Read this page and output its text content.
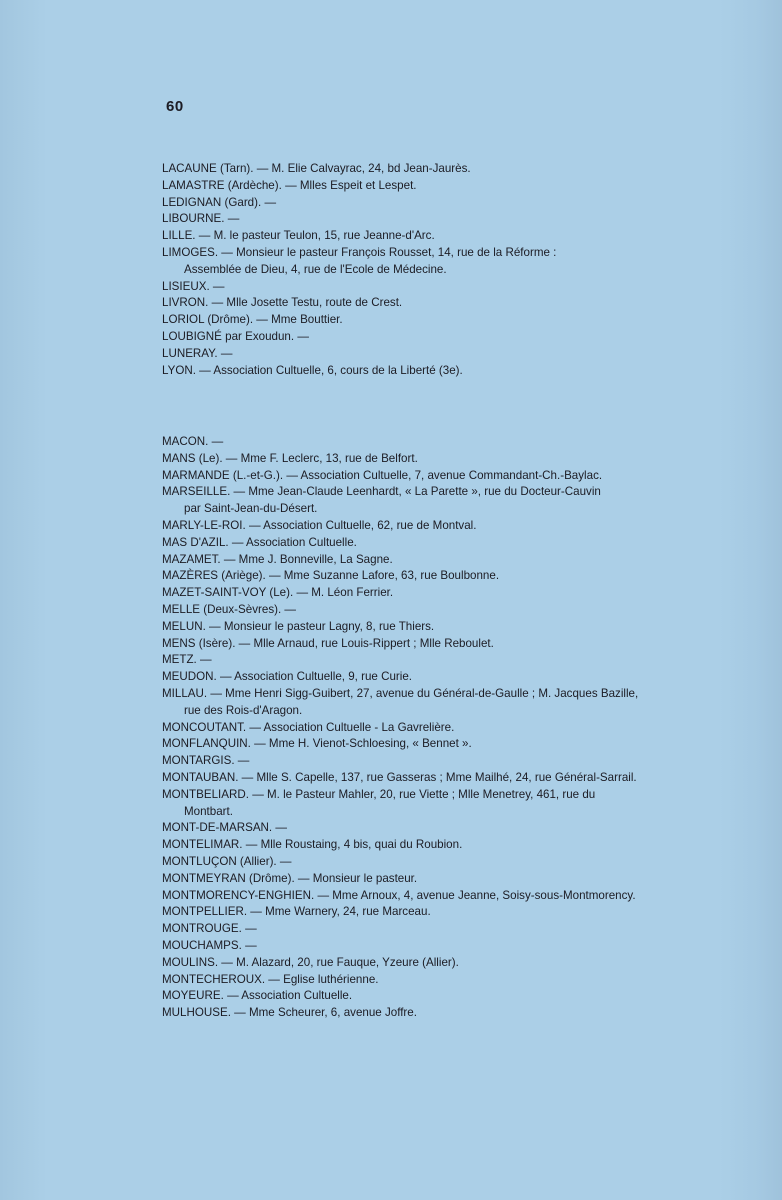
60
LACAUNE (Tarn). — M. Elie Calvayrac, 24, bd Jean-Jaurès.
LAMASTRE (Ardèche). — Mlles Espeit et Lespet.
LEDIGNAN (Gard). —
LIBOURNE. —
LILLE. — M. le pasteur Teulon, 15, rue Jeanne-d'Arc.
LIMOGES. — Monsieur le pasteur François Rousset, 14, rue de la Réforme :
Assemblée de Dieu, 4, rue de l'Ecole de Médecine.
LISIEUX. —
LIVRON. — Mlle Josette Testu, route de Crest.
LORIOL (Drôme). — Mme Bouttier.
LOUBIGNÉ par Exoudun. —
LUNERAY. —
LYON. — Association Cultuelle, 6, cours de la Liberté (3e).
MACON. —
MANS (Le). — Mme F. Leclerc, 13, rue de Belfort.
MARMANDE (L.-et-G.). — Association Cultuelle, 7, avenue Commandant-Ch.-Baylac.
MARSEILLE. — Mme Jean-Claude Leenhardt, « La Parette », rue du Docteur-Cauvin
par Saint-Jean-du-Désert.
MARLY-LE-ROI. — Association Cultuelle, 62, rue de Montval.
MAS D'AZIL. — Association Cultuelle.
MAZAMET. — Mme J. Bonneville, La Sagne.
MAZÈRES (Ariège). — Mme Suzanne Lafore, 63, rue Boulbonne.
MAZET-SAINT-VOY (Le). — M. Léon Ferrier.
MELLE (Deux-Sèvres). —
MELUN. — Monsieur le pasteur Lagny, 8, rue Thiers.
MENS (Isère). — Mlle Arnaud, rue Louis-Rippert ; Mlle Reboulet.
METZ. —
MEUDON. — Association Cultuelle, 9, rue Curie.
MILLAU. — Mme Henri Sigg-Guibert, 27, avenue du Général-de-Gaulle ; M. Jacques Bazille,
rue des Rois-d'Aragon.
MONCOUTANT. — Association Cultuelle - La Gavrelière.
MONFLANQUIN. — Mme H. Vienot-Schloesing, « Bennet ».
MONTARGIS. —
MONTAUBAN. — Mlle S. Capelle, 137, rue Gasseras ; Mme Mailhé, 24, rue Général-Sarrail.
MONTBELIARD. — M. le Pasteur Mahler, 20, rue Viette ; Mlle Menetrey, 461, rue du
Montbart.
MONT-DE-MARSAN. —
MONTELIMAR. — Mlle Roustaing, 4 bis, quai du Roubion.
MONTLUÇON (Allier). —
MONTMEYRAN (Drôme). — Monsieur le pasteur.
MONTMORENCY-ENGHIEN. — Mme Arnoux, 4, avenue Jeanne, Soisy-sous-Montmorency.
MONTPELLIER. — Mme Warnery, 24, rue Marceau.
MONTROUGE. —
MOUCHAMPS. —
MOULINS. — M. Alazard, 20, rue Fauque, Yzeure (Allier).
MONTECHEROUX. — Eglise luthérienne.
MOYEURE. — Association Cultuelle.
MULHOUSE. — Mme Scheurer, 6, avenue Joffre.
